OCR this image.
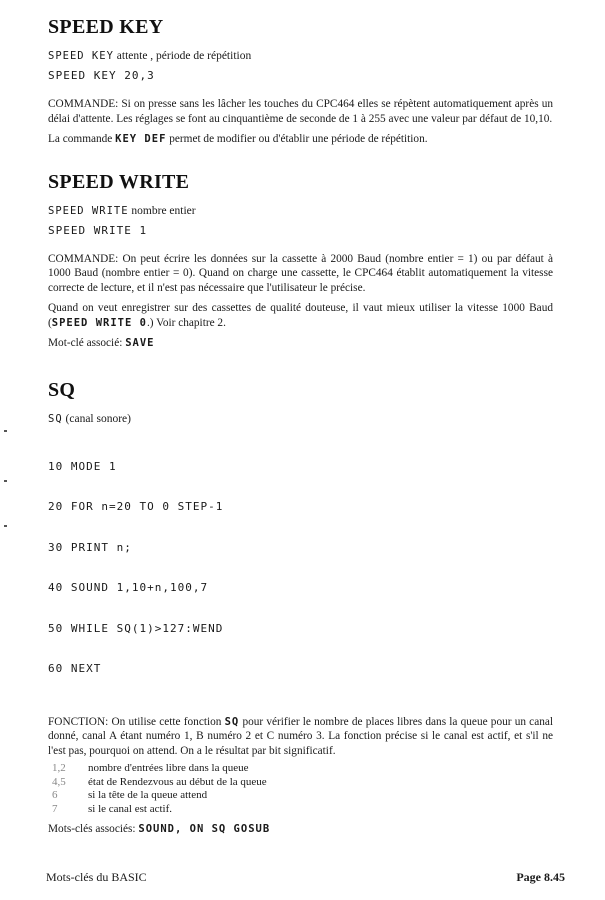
SPEED KEY
SPEED KEY attente , période de répétition
SPEED KEY 20,3

COMMANDE: Si on presse sans les lâcher les touches du CPC464 elles se répètent automatiquement après un délai d'attente. Les réglages se font au cinquantième de seconde de 1 à 255 avec une valeur par défaut de 10,10.

La commande KEY DEF permet de modifier ou d'établir une période de répétition.

SPEED WRITE
SPEED WRITE nombre entier
SPEED WRITE 1

COMMANDE: On peut écrire les données sur la cassette à 2000 Baud (nombre entier = 1) ou par défaut à 1000 Baud (nombre entier = 0). Quand on charge une cassette, le CPC464 établit automatiquement la vitesse correcte de lecture, et il n'est pas nécessaire que l'utilisateur le précise.

Quand on veut enregistrer sur des cassettes de qualité douteuse, il vaut mieux utiliser la vitesse 1000 Baud (SPEED WRITE 0.) Voir chapitre 2.

Mot-clé associé: SAVE

SQ
SQ (canal sonore)

10 MODE 1

20 FOR n=20 TO 0 STEP-1

30 PRINT n;

40 SOUND 1,10+n,100,7

50 WHILE SQ(1)>127:WEND

60 NEXT

FONCTION: On utilise cette fonction SQ pour vérifier le nombre de places libres dans la queue pour un canal donné, canal A étant numéro 1, B numéro 2 et C numéro 3. La fonction précise si le canal est actif, et s'il ne l'est pas, pourquoi on attend. On a le résultat par bit significatif.

1,2	nombre d'entrées libre dans la queue
4,5	état de Rendezvous au début de la queue
6	si la tête de la queue attend
7	si le canal est actif.

Mots-clés associés: SOUND, ON SQ GOSUB

Mots-clés du BASIC	Page 8.45
